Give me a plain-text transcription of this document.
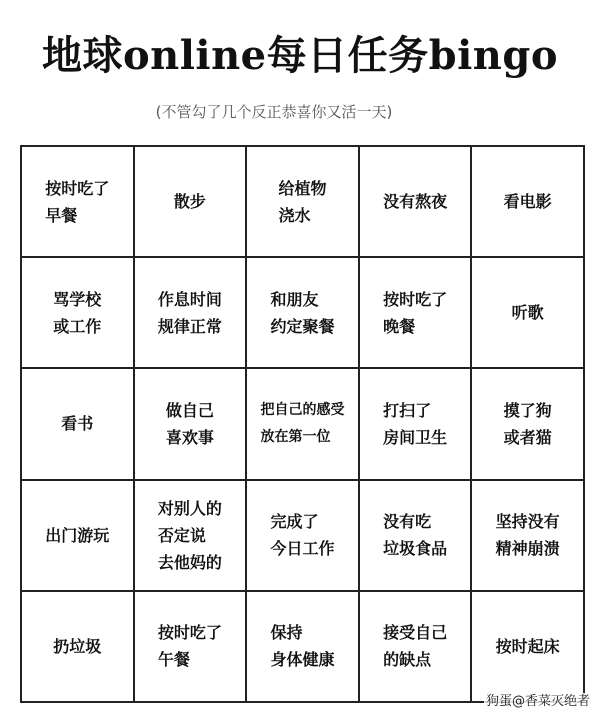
地球online每日任务bingo
(不管勾了几个反正恭喜你又活一天)
按时吃了
早餐
散步
给植物
浇水
没有熬夜	看电影
骂学校
或工作
作息时间
规律正常
和朋友
约定聚餐
按时吃了
晚餐
听歌
看书
做自己
喜欢事
把自己的感受
放在第一位
打扫了
房间卫生
摸了狗
或者猫
出门游玩
对别人的
否定说
去他妈的
完成了
今日工作
没有吃
垃圾食品
坚持没有
精神崩溃
扔垃圾
按时吃了
午餐
保持
身体健康
接受自己
的缺点
按时起床
狗蛋@香菜灭绝者
